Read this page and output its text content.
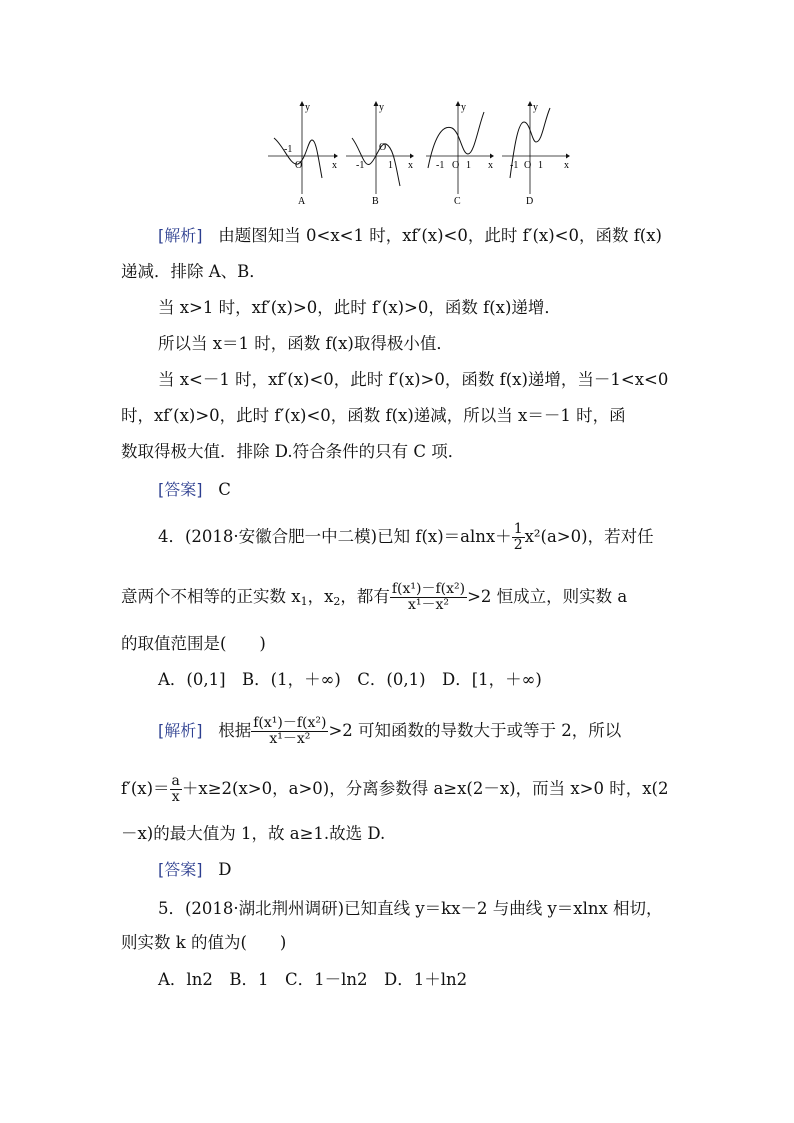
y
x
-1
O
A
y
x
-1 1
O
B
y
x
-1 1
O
C
y
x
-1 1
O
D
[解析] 由题图知当 0<x<1 时，xf′(x)<0，此时 f′(x)<0，函数 f(x)
递减．排除 A、B．
当 x>1 时，xf′(x)>0，此时 f′(x)>0，函数 f(x)递增．
所以当 x＝1 时，函数 f(x)取得极小值．
当 x<－1 时，xf′(x)<0，此时 f′(x)>0，函数 f(x)递增，当－1<x<0
时，xf′(x)>0，此时 f′(x)<0，函数 f(x)递减，所以当 x＝－1 时，函
数取得极大值．排除 D.符合条件的只有 C 项．
[答案] C
4．(2018·安徽合肥一中二模)已知 $f(x)=alnx+ \frac{1}{2} x^2(a>0)$，若对任
意两个不相等的正实数 $x_1$，$x_2$，都有 $\frac{\text{f(x¹)－f(x²)}}{\text{x¹－x²}} >2$ 恒成立，则实数 a
的取值范围是(　　)
A．(0,1]　B．(1，＋∞)　C．(0,1)　D．[1，＋∞)
[解析] 根据 $\frac{\text{f(x¹)－f(x²)}}{\text{x¹－x²}} >2$ 可知函数的导数大于或等于 2，所以
$f'(x)= \frac{a}{x} +x\ge 2(x>0$，a>0)，分离参数得 a≥x(2－x)，而当 x>0 时，x(2
－x)的最大值为 1，故 a≥1.故选 D.
[答案] D
5．(2018·湖北荆州调研)已知直线 y＝kx－2 与曲线 y＝xlnx 相切，
则实数 k 的值为(　　)
A．ln2　B．1　C．1－ln2　D．1＋ln2
